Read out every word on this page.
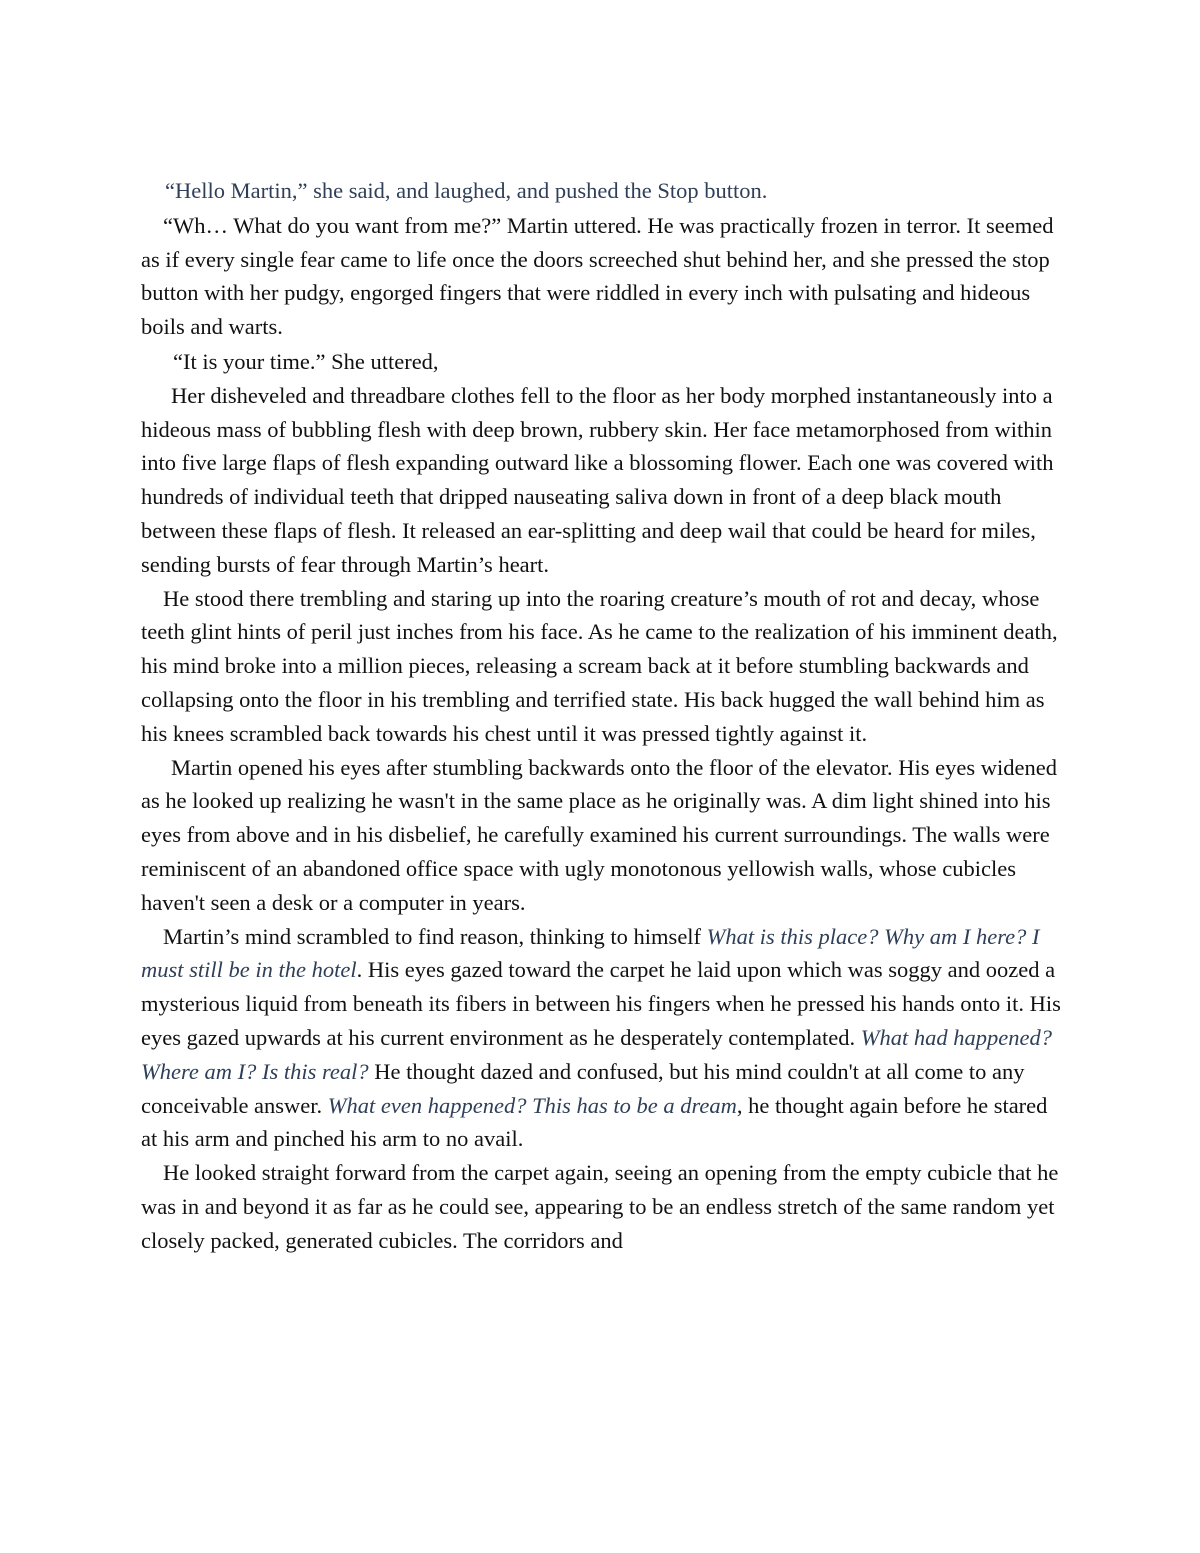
“Hello Martin,” she said, and laughed, and pushed the Stop button.

“Wh… What do you want from me?” Martin uttered. He was practically frozen in terror. It seemed as if every single fear came to life once the doors screeched shut behind her, and she pressed the stop button with her pudgy, engorged fingers that were riddled in every inch with pulsating and hideous boils and warts.

“It is your time.” She uttered,

Her disheveled and threadbare clothes fell to the floor as her body morphed instantaneously into a hideous mass of bubbling flesh with deep brown, rubbery skin. Her face metamorphosed from within into five large flaps of flesh expanding outward like a blossoming flower. Each one was covered with hundreds of individual teeth that dripped nauseating saliva down in front of a deep black mouth between these flaps of flesh. It released an ear-splitting and deep wail that could be heard for miles, sending bursts of fear through Martin’s heart.

He stood there trembling and staring up into the roaring creature’s mouth of rot and decay, whose teeth glint hints of peril just inches from his face. As he came to the realization of his imminent death, his mind broke into a million pieces, releasing a scream back at it before stumbling backwards and collapsing onto the floor in his trembling and terrified state. His back hugged the wall behind him as his knees scrambled back towards his chest until it was pressed tightly against it.

Martin opened his eyes after stumbling backwards onto the floor of the elevator. His eyes widened as he looked up realizing he wasn't in the same place as he originally was. A dim light shined into his eyes from above and in his disbelief, he carefully examined his current surroundings. The walls were reminiscent of an abandoned office space with ugly monotonous yellowish walls, whose cubicles haven't seen a desk or a computer in years.

Martin’s mind scrambled to find reason, thinking to himself What is this place? Why am I here? I must still be in the hotel. His eyes gazed toward the carpet he laid upon which was soggy and oozed a mysterious liquid from beneath its fibers in between his fingers when he pressed his hands onto it. His eyes gazed upwards at his current environment as he desperately contemplated. What had happened? Where am I? Is this real? He thought dazed and confused, but his mind couldn't at all come to any conceivable answer. What even happened? This has to be a dream, he thought again before he stared at his arm and pinched his arm to no avail.

He looked straight forward from the carpet again, seeing an opening from the empty cubicle that he was in and beyond it as far as he could see, appearing to be an endless stretch of the same random yet closely packed, generated cubicles. The corridors and
